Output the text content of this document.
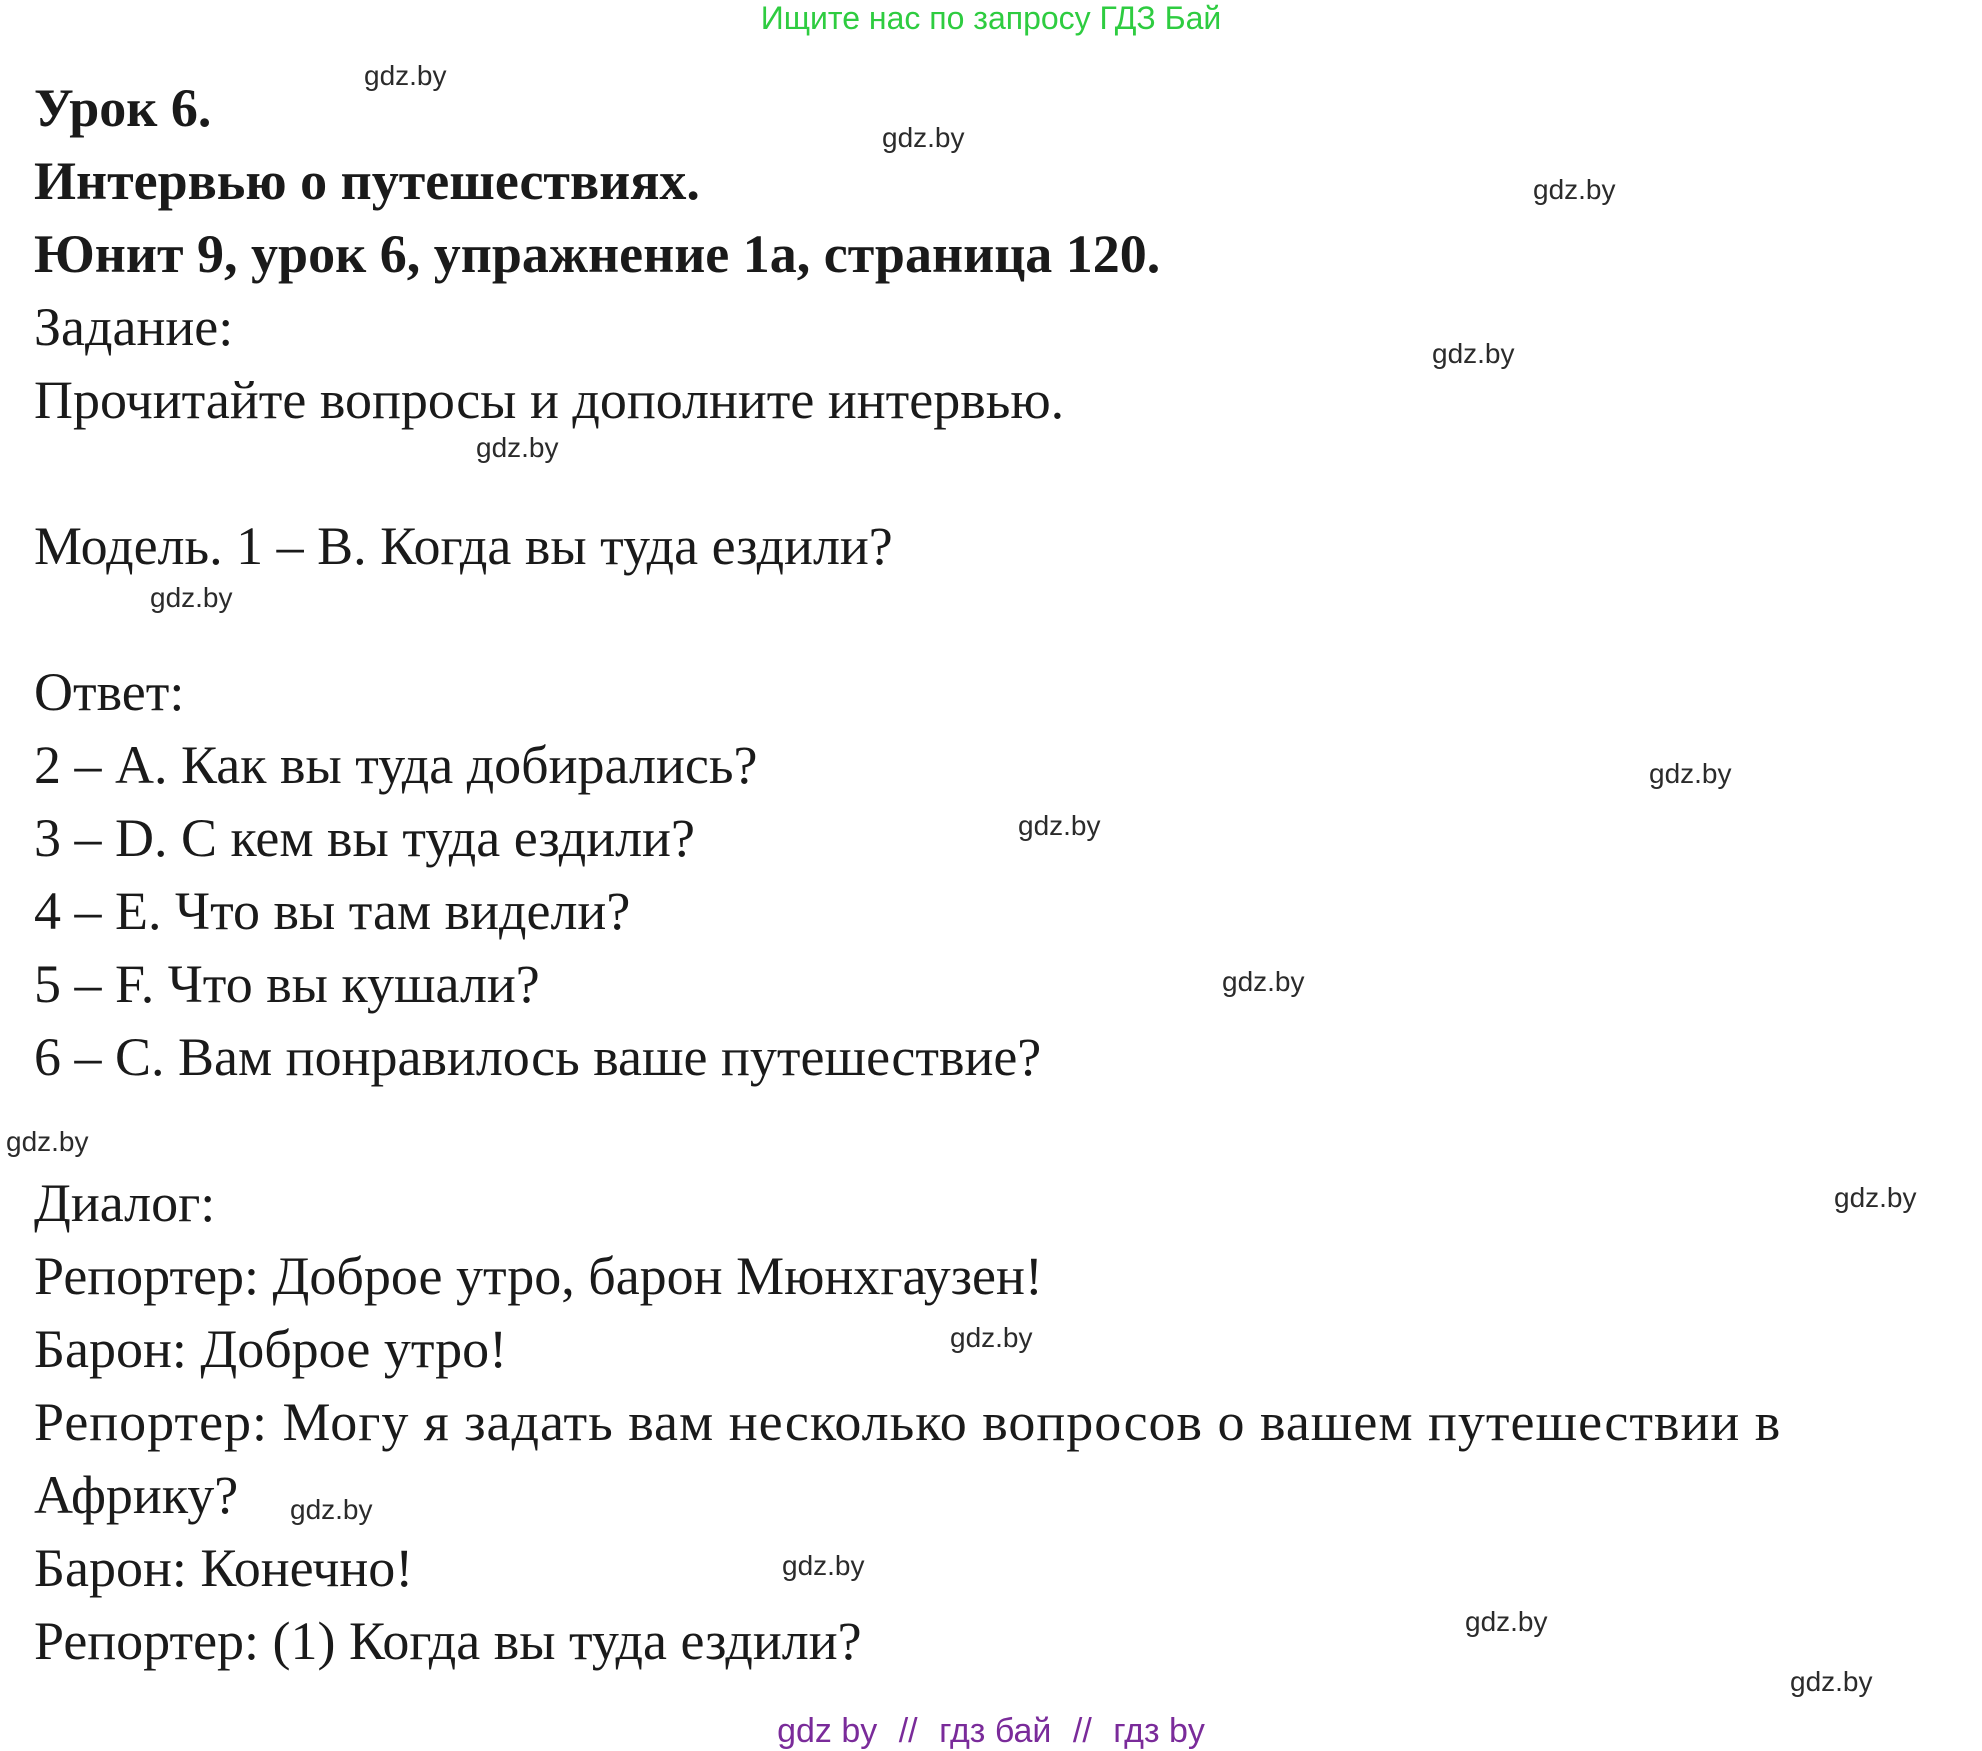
Ищите нас по запросу ГДЗ Бай
Урок 6.
Интервью о путешествиях.
Юнит 9, урок 6, упражнение 1а, страница 120.
Задание:
Прочитайте вопросы и дополните интервью.
Модель. 1 – B. Когда вы туда ездили?
Ответ:
2 – А. Как вы туда добирались?
3 – D. С кем вы туда ездили?
4 – E. Что вы там видели?
5 – F. Что вы кушали?
6 – C. Вам понравилось ваше путешествие?
Диалог:
Репортер: Доброе утро, барон Мюнхгаузен!
Барон: Доброе утро!
Репортер: Могу я задать вам несколько вопросов о вашем путешествии в
Африку?
Барон: Конечно!
Репортер: (1) Когда вы туда ездили?
gdz.by
gdz.by
gdz.by
gdz.by
gdz.by
gdz.by
gdz.by
gdz.by
gdz.by
gdz.by
gdz.by
gdz.by
gdz.by
gdz.by
gdz.by
gdz.by
gdz by // гдз бай // гдз by
